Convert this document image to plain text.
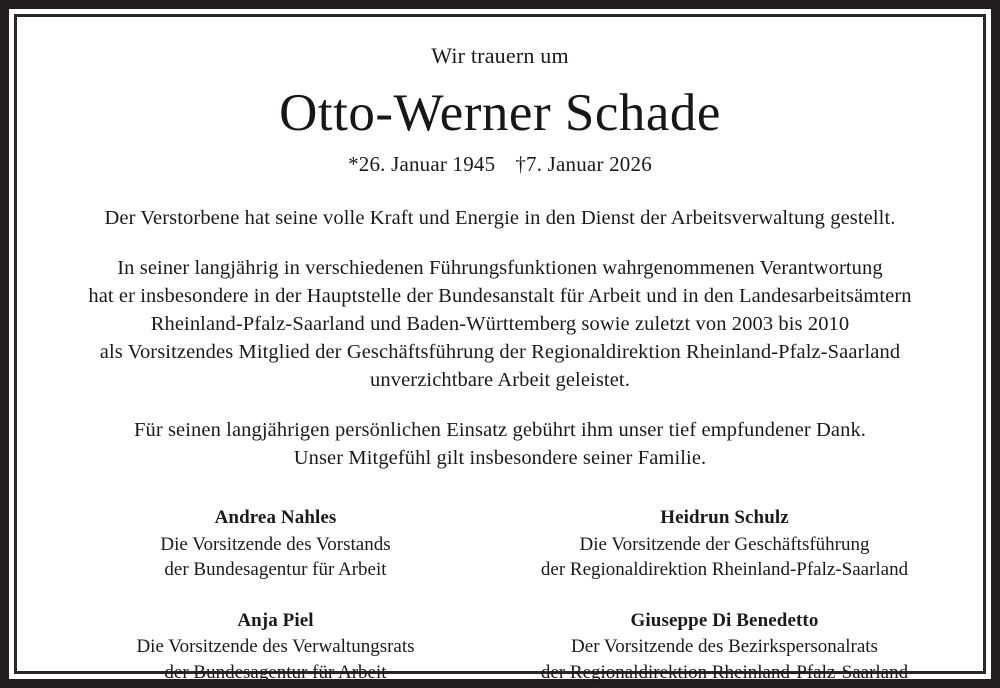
Wir trauern um
Otto-Werner Schade
*26. Januar 1945 †7. Januar 2026
Der Verstorbene hat seine volle Kraft und Energie in den Dienst der Arbeitsverwaltung gestellt.
In seiner langjährig in verschiedenen Führungsfunktionen wahrgenommenen Verantwortung
hat er insbesondere in der Hauptstelle der Bundesanstalt für Arbeit und in den Landesarbeitsämtern
Rheinland-Pfalz-Saarland und Baden-Württemberg sowie zuletzt von 2003 bis 2010
als Vorsitzendes Mitglied der Geschäftsführung der Regionaldirektion Rheinland-Pfalz-Saarland
unverzichtbare Arbeit geleistet.
Für seinen langjährigen persönlichen Einsatz gebührt ihm unser tief empfundener Dank.
Unser Mitgefühl gilt insbesondere seiner Familie.
Andrea Nahles
Die Vorsitzende des Vorstands
der Bundesagentur für Arbeit
Heidrun Schulz
Die Vorsitzende der Geschäftsführung
der Regionaldirektion Rheinland-Pfalz-Saarland
Anja Piel
Die Vorsitzende des Verwaltungsrats
der Bundesagentur für Arbeit
Giuseppe Di Benedetto
Der Vorsitzende des Bezirkspersonalrats
der Regionaldirektion Rheinland-Pfalz-Saarland
